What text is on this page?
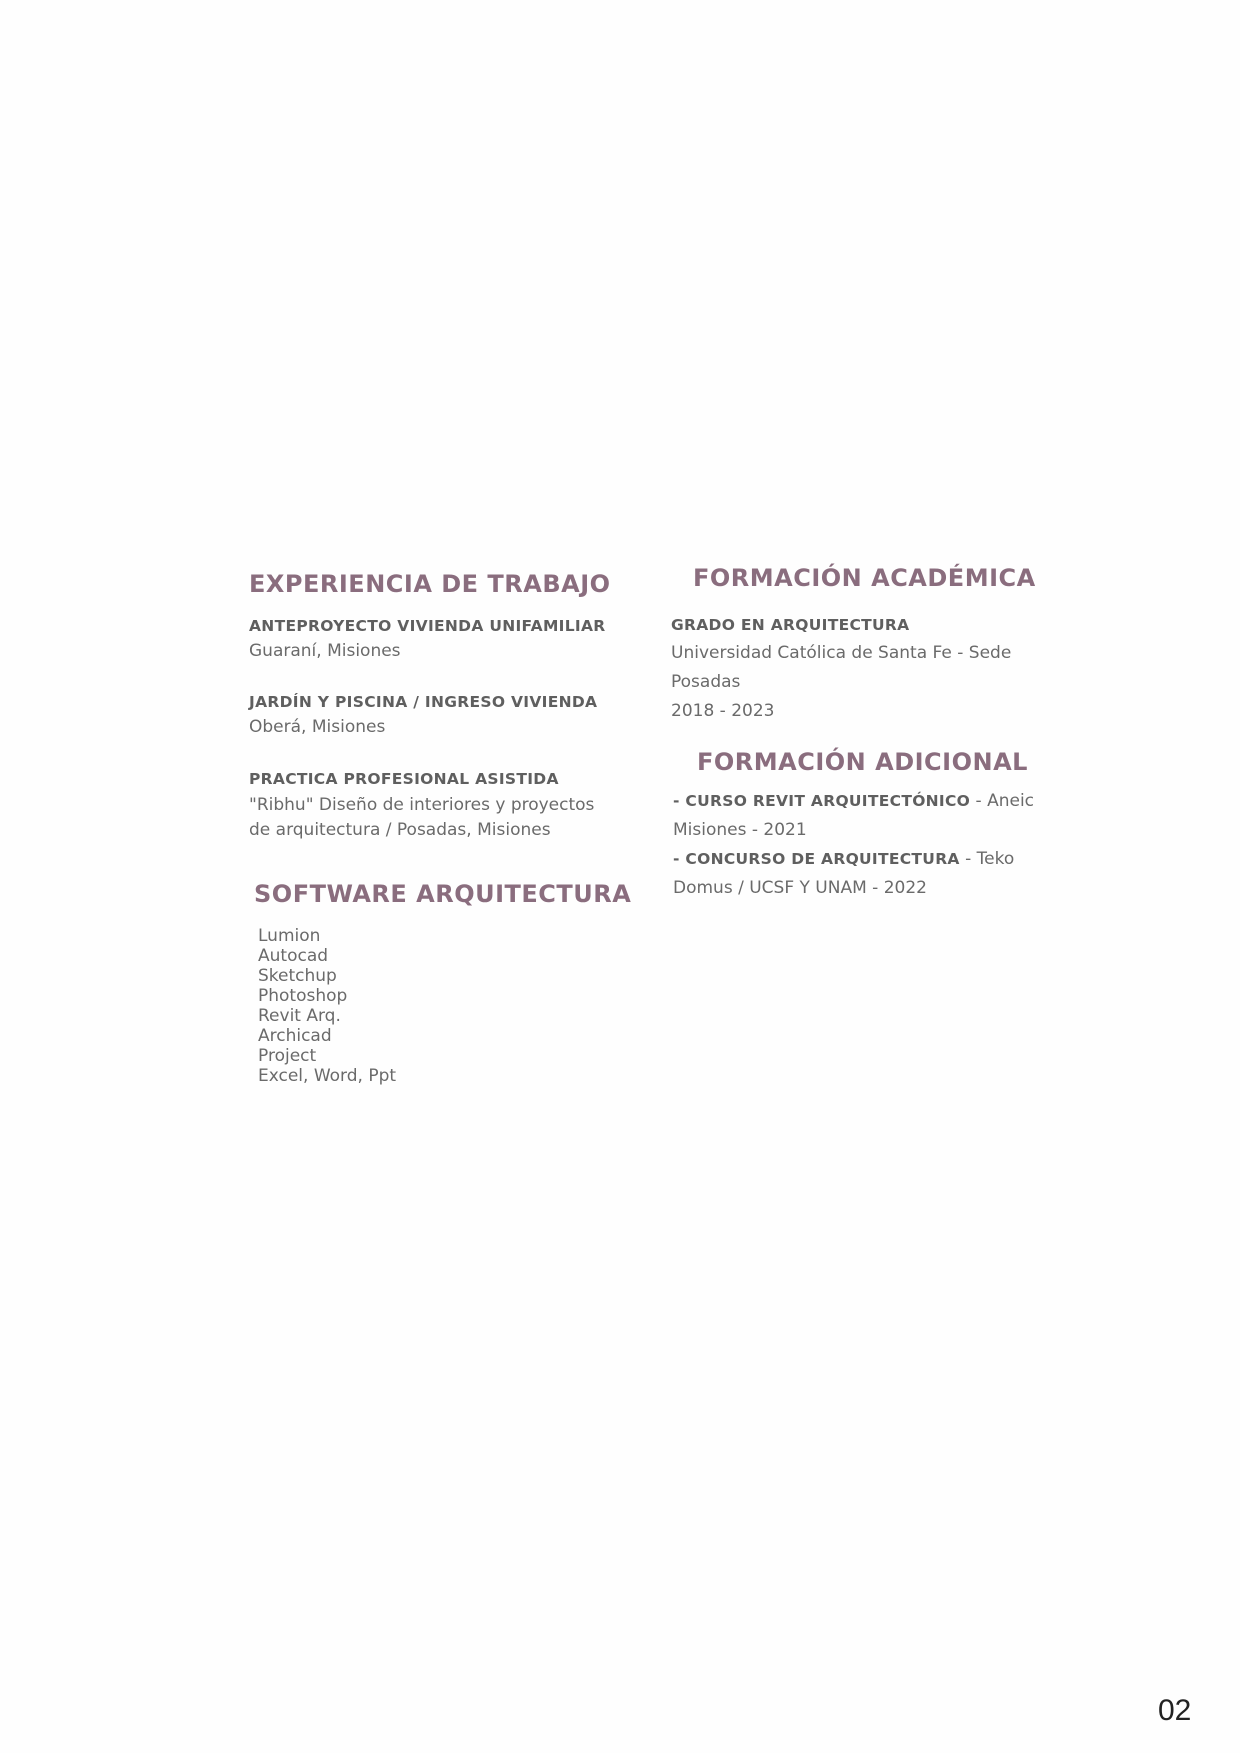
EXPERIENCIA DE TRABAJO
ANTEPROYECTO VIVIENDA UNIFAMILIAR

Guaraní, Misiones

JARDÍN Y PISCINA / INGRESO VIVIENDA

Oberá, Misiones

PRACTICA PROFESIONAL ASISTIDA

"Ribhu" Diseño de interiores y proyectos

de arquitectura / Posadas, Misiones

SOFTWARE ARQUITECTURA
Lumion
Autocad
Sketchup
Photoshop
Revit Arq.
Archicad
Project
Excel, Word, Ppt
FORMACIÓN ACADÉMICA
GRADO EN ARQUITECTURA

Universidad Católica de Santa Fe - Sede

Posadas

2018 - 2023

FORMACIÓN ADICIONAL

- CURSO REVIT ARQUITECTÓNICO - Aneic

Misiones - 2021

- CONCURSO DE ARQUITECTURA - Teko

Domus / UCSF Y UNAM - 2022

02
